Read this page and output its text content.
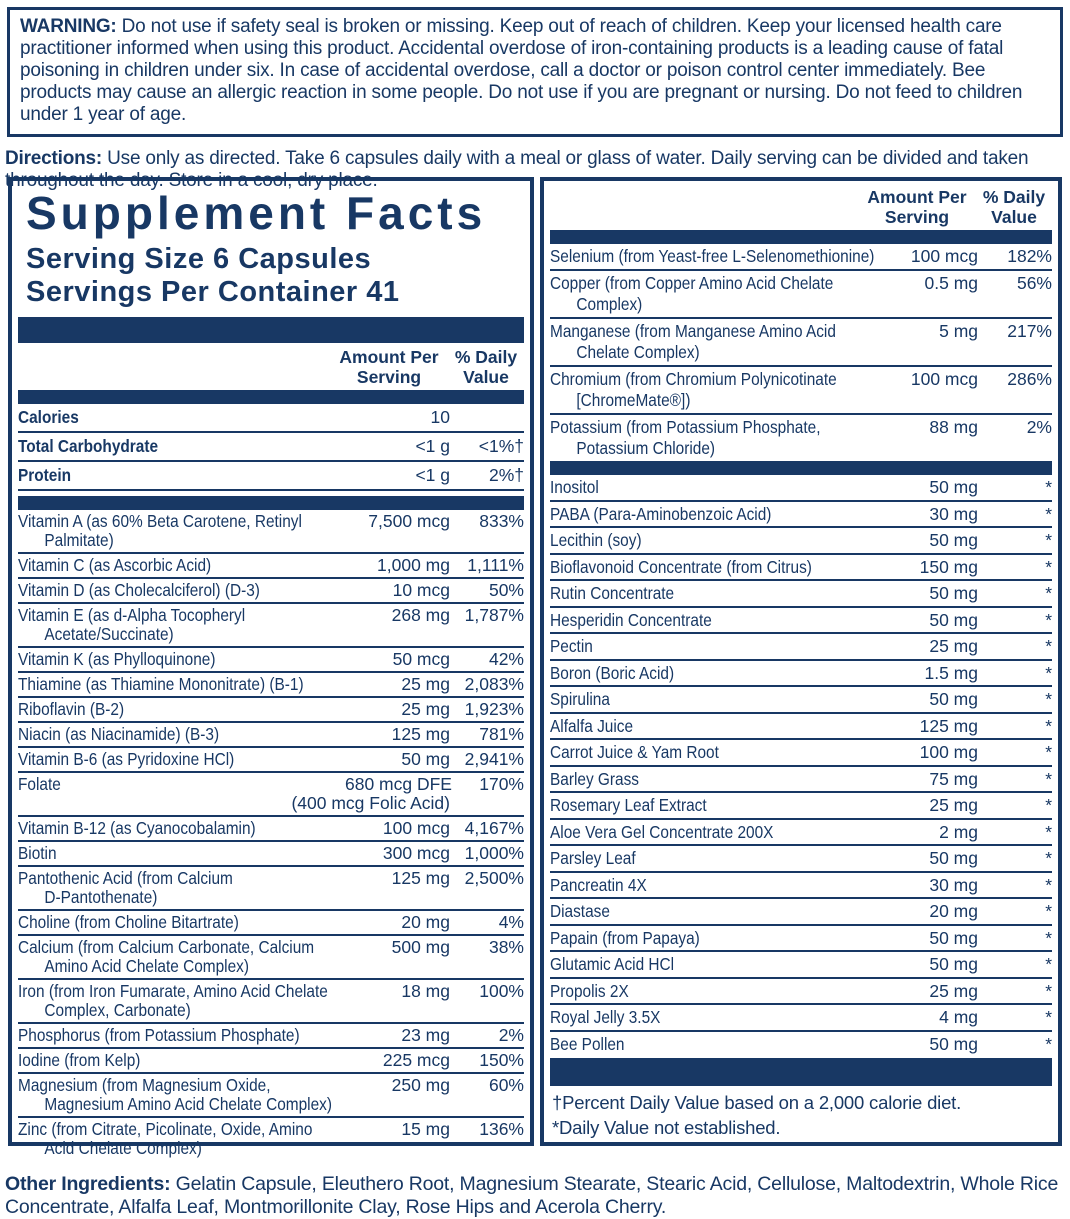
WARNING: Do not use if safety seal is broken or missing. Keep out of reach of children. Keep your licensed health care practitioner informed when using this product. Accidental overdose of iron-containing products is a leading cause of fatal poisoning in children under six. In case of accidental overdose, call a doctor or poison control center immediately. Bee products may cause an allergic reaction in some people. Do not use if you are pregnant or nursing. Do not feed to children under 1 year of age.

Directions: Use only as directed. Take 6 capsules daily with a meal or glass of water. Daily serving can be divided and taken throughout the day. Store in a cool, dry place.

Supplement Facts
Serving Size 6 Capsules
Servings Per Container 41
Amount Per Serving
% Daily Value
Calories	10
Total Carbohydrate	<1 g	<1%†
Protein	<1 g	2%†
Vitamin A (as 60% Beta Carotene, Retinyl
Palmitate)
7,500 mcg	833%
Vitamin C (as Ascorbic Acid)	1,000 mg 1,111%
Vitamin D (as Cholecalciferol) (D-3)	10 mcg	50%
Vitamin E (as d-Alpha Tocopheryl
Acetate/Succinate)
268 mg 1,787%
Vitamin K (as Phylloquinone)	50 mcg	42%
Thiamine (as Thiamine Mononitrate) (B-1)	25 mg 2,083%
Riboflavin (B-2)	25 mg 1,923%
Niacin (as Niacinamide) (B-3)	125 mg	781%
Vitamin B-6 (as Pyridoxine HCl)	50 mg 2,941%
Folate	680 mcg DFE
(400 mcg Folic Acid)
170%
Vitamin B-12 (as Cyanocobalamin)	100 mcg 4,167%
Biotin	300 mcg 1,000%
Pantothenic Acid (from Calcium
D-Pantothenate)
125 mg 2,500%
Choline (from Choline Bitartrate)	20 mg	4%
Calcium (from Calcium Carbonate, Calcium
Amino Acid Chelate Complex)
500 mg	38%
Iron (from Iron Fumarate, Amino Acid Chelate
Complex, Carbonate)
18 mg	100%
Phosphorus (from Potassium Phosphate)	23 mg	2%
Iodine (from Kelp)	225 mcg	150%
Magnesium (from Magnesium Oxide,
Magnesium Amino Acid Chelate Complex)
250 mg	60%
Zinc (from Citrate, Picolinate, Oxide, Amino
Acid Chelate Complex)
15 mg	136%
Amount Per Serving
% Daily Value
Selenium (from Yeast-free L-Selenomethionine)	100 mcg	182%
Copper (from Copper Amino Acid Chelate
Complex)
0.5 mg	56%
Manganese (from Manganese Amino Acid
Chelate Complex)
5 mg	217%
Chromium (from Chromium Polynicotinate
[ChromeMate®])
100 mcg	286%
Potassium (from Potassium Phosphate,
Potassium Chloride)
88 mg	2%
Inositol	50 mg	*
PABA (Para-Aminobenzoic Acid)	30 mg	*
Lecithin (soy)	50 mg	*
Bioflavonoid Concentrate (from Citrus)	150 mg	*
Rutin Concentrate	50 mg	*
Hesperidin Concentrate	50 mg	*
Pectin	25 mg	*
Boron (Boric Acid)	1.5 mg	*
Spirulina	50 mg	*
Alfalfa Juice	125 mg	*
Carrot Juice & Yam Root	100 mg	*
Barley Grass	75 mg	*
Rosemary Leaf Extract	25 mg	*
Aloe Vera Gel Concentrate 200X	2 mg	*
Parsley Leaf	50 mg	*
Pancreatin 4X	30 mg	*
Diastase	20 mg	*
Papain (from Papaya)	50 mg	*
Glutamic Acid HCl	50 mg	*
Propolis 2X	25 mg	*
Royal Jelly 3.5X	4 mg	*
Bee Pollen	50 mg	*

†Percent Daily Value based on a 2,000 calorie diet.

*Daily Value not established.

Other Ingredients: Gelatin Capsule, Eleuthero Root, Magnesium Stearate, Stearic Acid, Cellulose, Maltodextrin, Whole Rice Concentrate, Alfalfa Leaf, Montmorillonite Clay, Rose Hips and Acerola Cherry.
